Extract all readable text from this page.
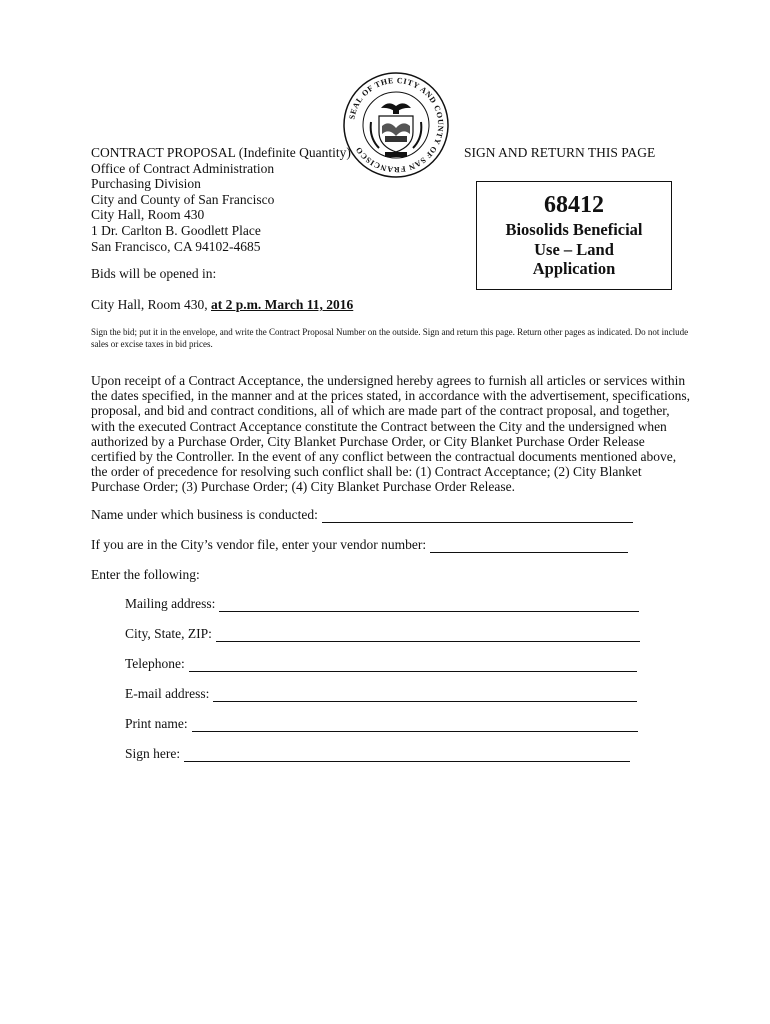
SEAL OF THE CITY AND COUNTY OF SAN FRANCISCO
CONTRACT PROPOSAL (Indefinite Quantity)
Office of Contract Administration
Purchasing Division
City and County of San Francisco
City Hall, Room 430
1 Dr. Carlton B. Goodlett Place
San Francisco, CA 94102-4685
SIGN AND RETURN THIS PAGE
68412
Biosolids Beneficial Use – Land Application
Bids will be opened in:
City Hall, Room 430, at 2 p.m. March 11, 2016
Sign the bid; put it in the envelope, and write the Contract Proposal Number on the outside. Sign and return this page. Return other pages as indicated. Do not include sales or excise taxes in bid prices.
Upon receipt of a Contract Acceptance, the undersigned hereby agrees to furnish all articles or services within the dates specified, in the manner and at the prices stated, in accordance with the advertisement, specifications, proposal, and bid and contract conditions, all of which are made part of the contract proposal, and together, with the executed Contract Acceptance constitute the Contract between the City and the undersigned when authorized by a Purchase Order, City Blanket Purchase Order, or City Blanket Purchase Order Release certified by the Controller. In the event of any conflict between the contractual documents mentioned above, the order of precedence for resolving such conflict shall be: (1) Contract Acceptance; (2) City Blanket Purchase Order; (3) Purchase Order; (4) City Blanket Purchase Order Release.
Name under which business is conducted:
If you are in the City’s vendor file, enter your vendor number:
Enter the following:
Mailing address:
City, State, ZIP:
Telephone:
E-mail address:
Print name:
Sign here:
